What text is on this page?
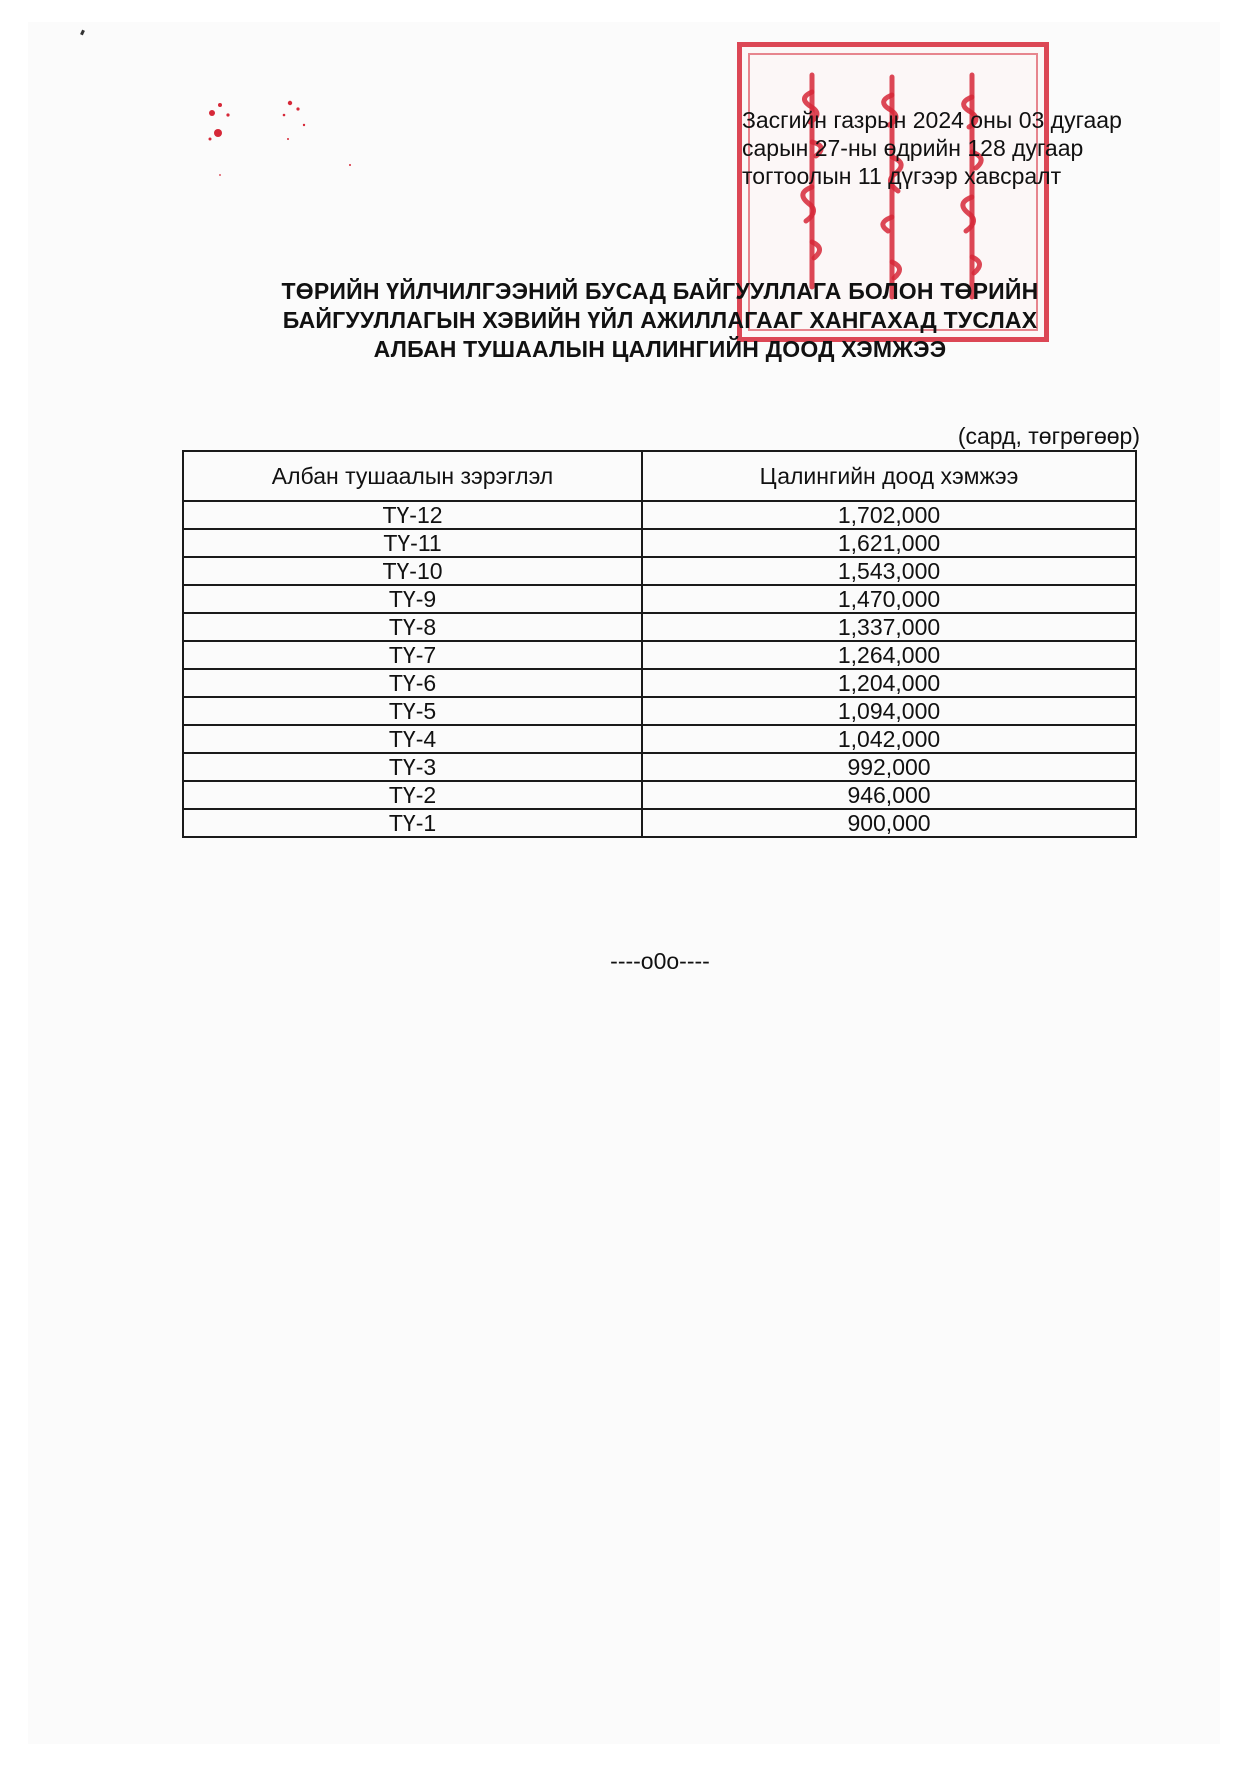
Засгийн газрын 2024 оны 03 дугаар
сарын 27-ны өдрийн 128 дугаар
тогтоолын 11 дүгээр хавсралт
ТӨРИЙН ҮЙЛЧИЛГЭЭНИЙ БУСАД БАЙГУУЛЛАГА БОЛОН ТӨРИЙН
БАЙГУУЛЛАГЫН ХЭВИЙН ҮЙЛ АЖИЛЛАГААГ ХАНГАХАД ТУСЛАХ
АЛБАН ТУШААЛЫН ЦАЛИНГИЙН ДООД ХЭМЖЭЭ
(сард, төгрөгөөр)
Албан тушаалын зэрэглэл	Цалингийн доод хэмжээ
ТҮ-12	1,702,000
ТҮ-11	1,621,000
ТҮ-10	1,543,000
ТҮ-9	1,470,000
ТҮ-8	1,337,000
ТҮ-7	1,264,000
ТҮ-6	1,204,000
ТҮ-5	1,094,000
ТҮ-4	1,042,000
ТҮ-3	992,000
ТҮ-2	946,000
ТҮ-1	900,000
----o0o----
